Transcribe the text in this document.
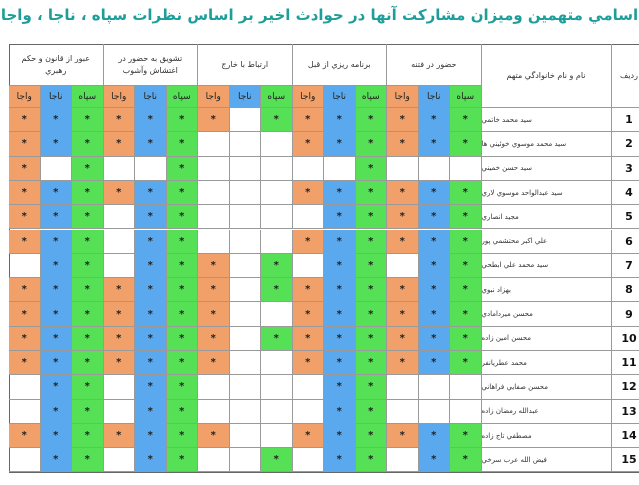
اسامي متهمين وميزان مشاركت آنها در حوادث اخير بر اساس نظرات سپاه ، ناجا ، واجا
نام و نام خانوادگي متهم	رديف
حضور در فتنه
سپاه
ناجا
واجا
برنامه ريزي از قبل
سپاه
ناجا
واجا
ارتباط با خارج
سپاه
ناجا
واجا
تشويق به حضور در اغتشاش وآشوب
سپاه
ناجا
واجا
عبور از قانون و حكم رهبري
سپاه
ناجا
واجا
1
سيد محمد خاتمي
*
*
*
*
*
*
*
*
*
*
*
*
*
*
2
سيد محمد موسوي خوئيني ها
*
*
*
*
*
*
*
*
*
*
*
*
3
سيد حسن خميني
*
*
*
*
4
سيد عبدالواحد موسوي لاري
*
*
*
*
*
*
*
*
*
*
*
*
5
مجيد انصاري
*
*
*
*
*
*
*
*
*
*
6
علي اكبر محتشمي پور
*
*
*
*
*
*
*
*
*
*
*
7
سيد محمد علي ابطحي
*
*
*
*
*
*
*
*
*
*
8
بهزاد نبوي
*
*
*
*
*
*
*
*
*
*
*
*
*
*
9
محسن ميردامادي
*
*
*
*
*
*
*
*
*
*
*
*
*
10
محسن امين زاده
*
*
*
*
*
*
*
*
*
*
*
*
*
*
11
محمد عطريانفر
*
*
*
*
*
*
*
*
*
*
*
*
*
12
محسن صفايي فراهاني
*
*
*
*
*
*
13
عبدالله رمضان زاده
*
*
*
*
*
*
14
مصطفي تاج زاده
*
*
*
*
*
*
*
*
*
*
*
*
*
15
فيض الله عرب سرخي
*
*
*
*
*
*
*
*
*
